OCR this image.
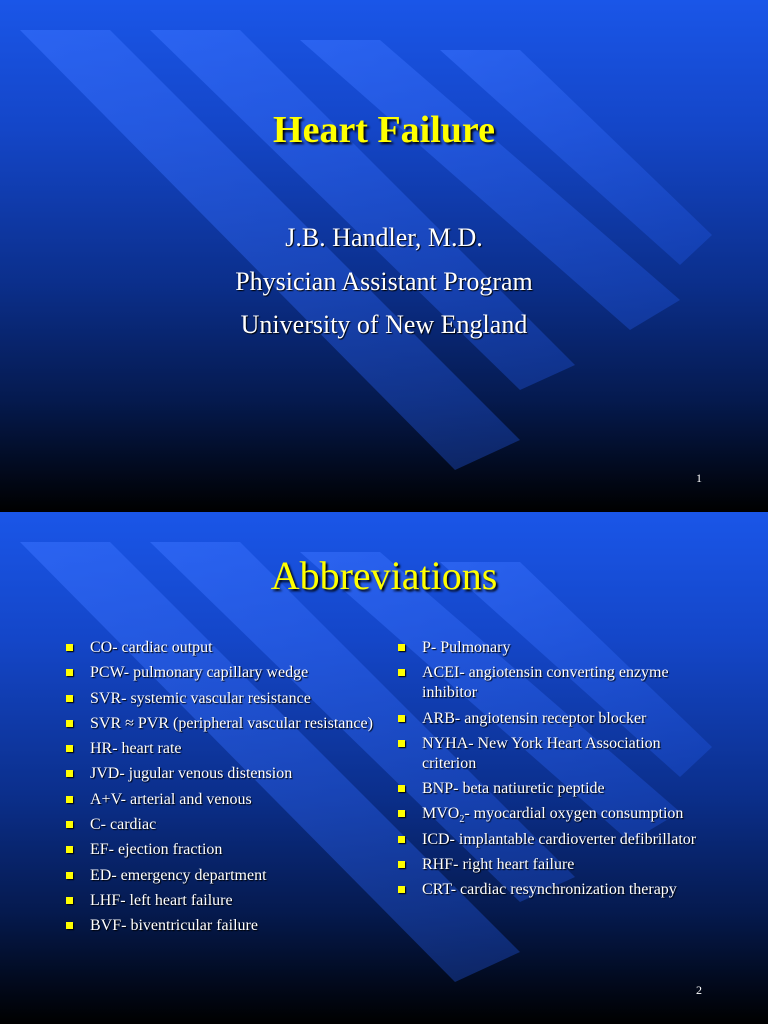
Heart Failure
J.B. Handler, M.D.
Physician Assistant Program
University of New England
1
Abbreviations
CO- cardiac output
PCW- pulmonary capillary wedge
SVR- systemic vascular resistance
SVR ≈ PVR (peripheral vascular resistance)
HR- heart rate
JVD- jugular venous distension
A+V- arterial and venous
C- cardiac
EF- ejection fraction
ED- emergency department
LHF- left heart failure
BVF- biventricular failure
P- Pulmonary
ACEI- angiotensin converting enzyme inhibitor
ARB- angiotensin receptor blocker
NYHA- New York Heart Association criterion
BNP- beta natiuretic peptide
$MVO_2-$ myocardial oxygen consumption
ICD- implantable cardioverter defibrillator
RHF- right heart failure
CRT- cardiac resynchronization therapy
2
